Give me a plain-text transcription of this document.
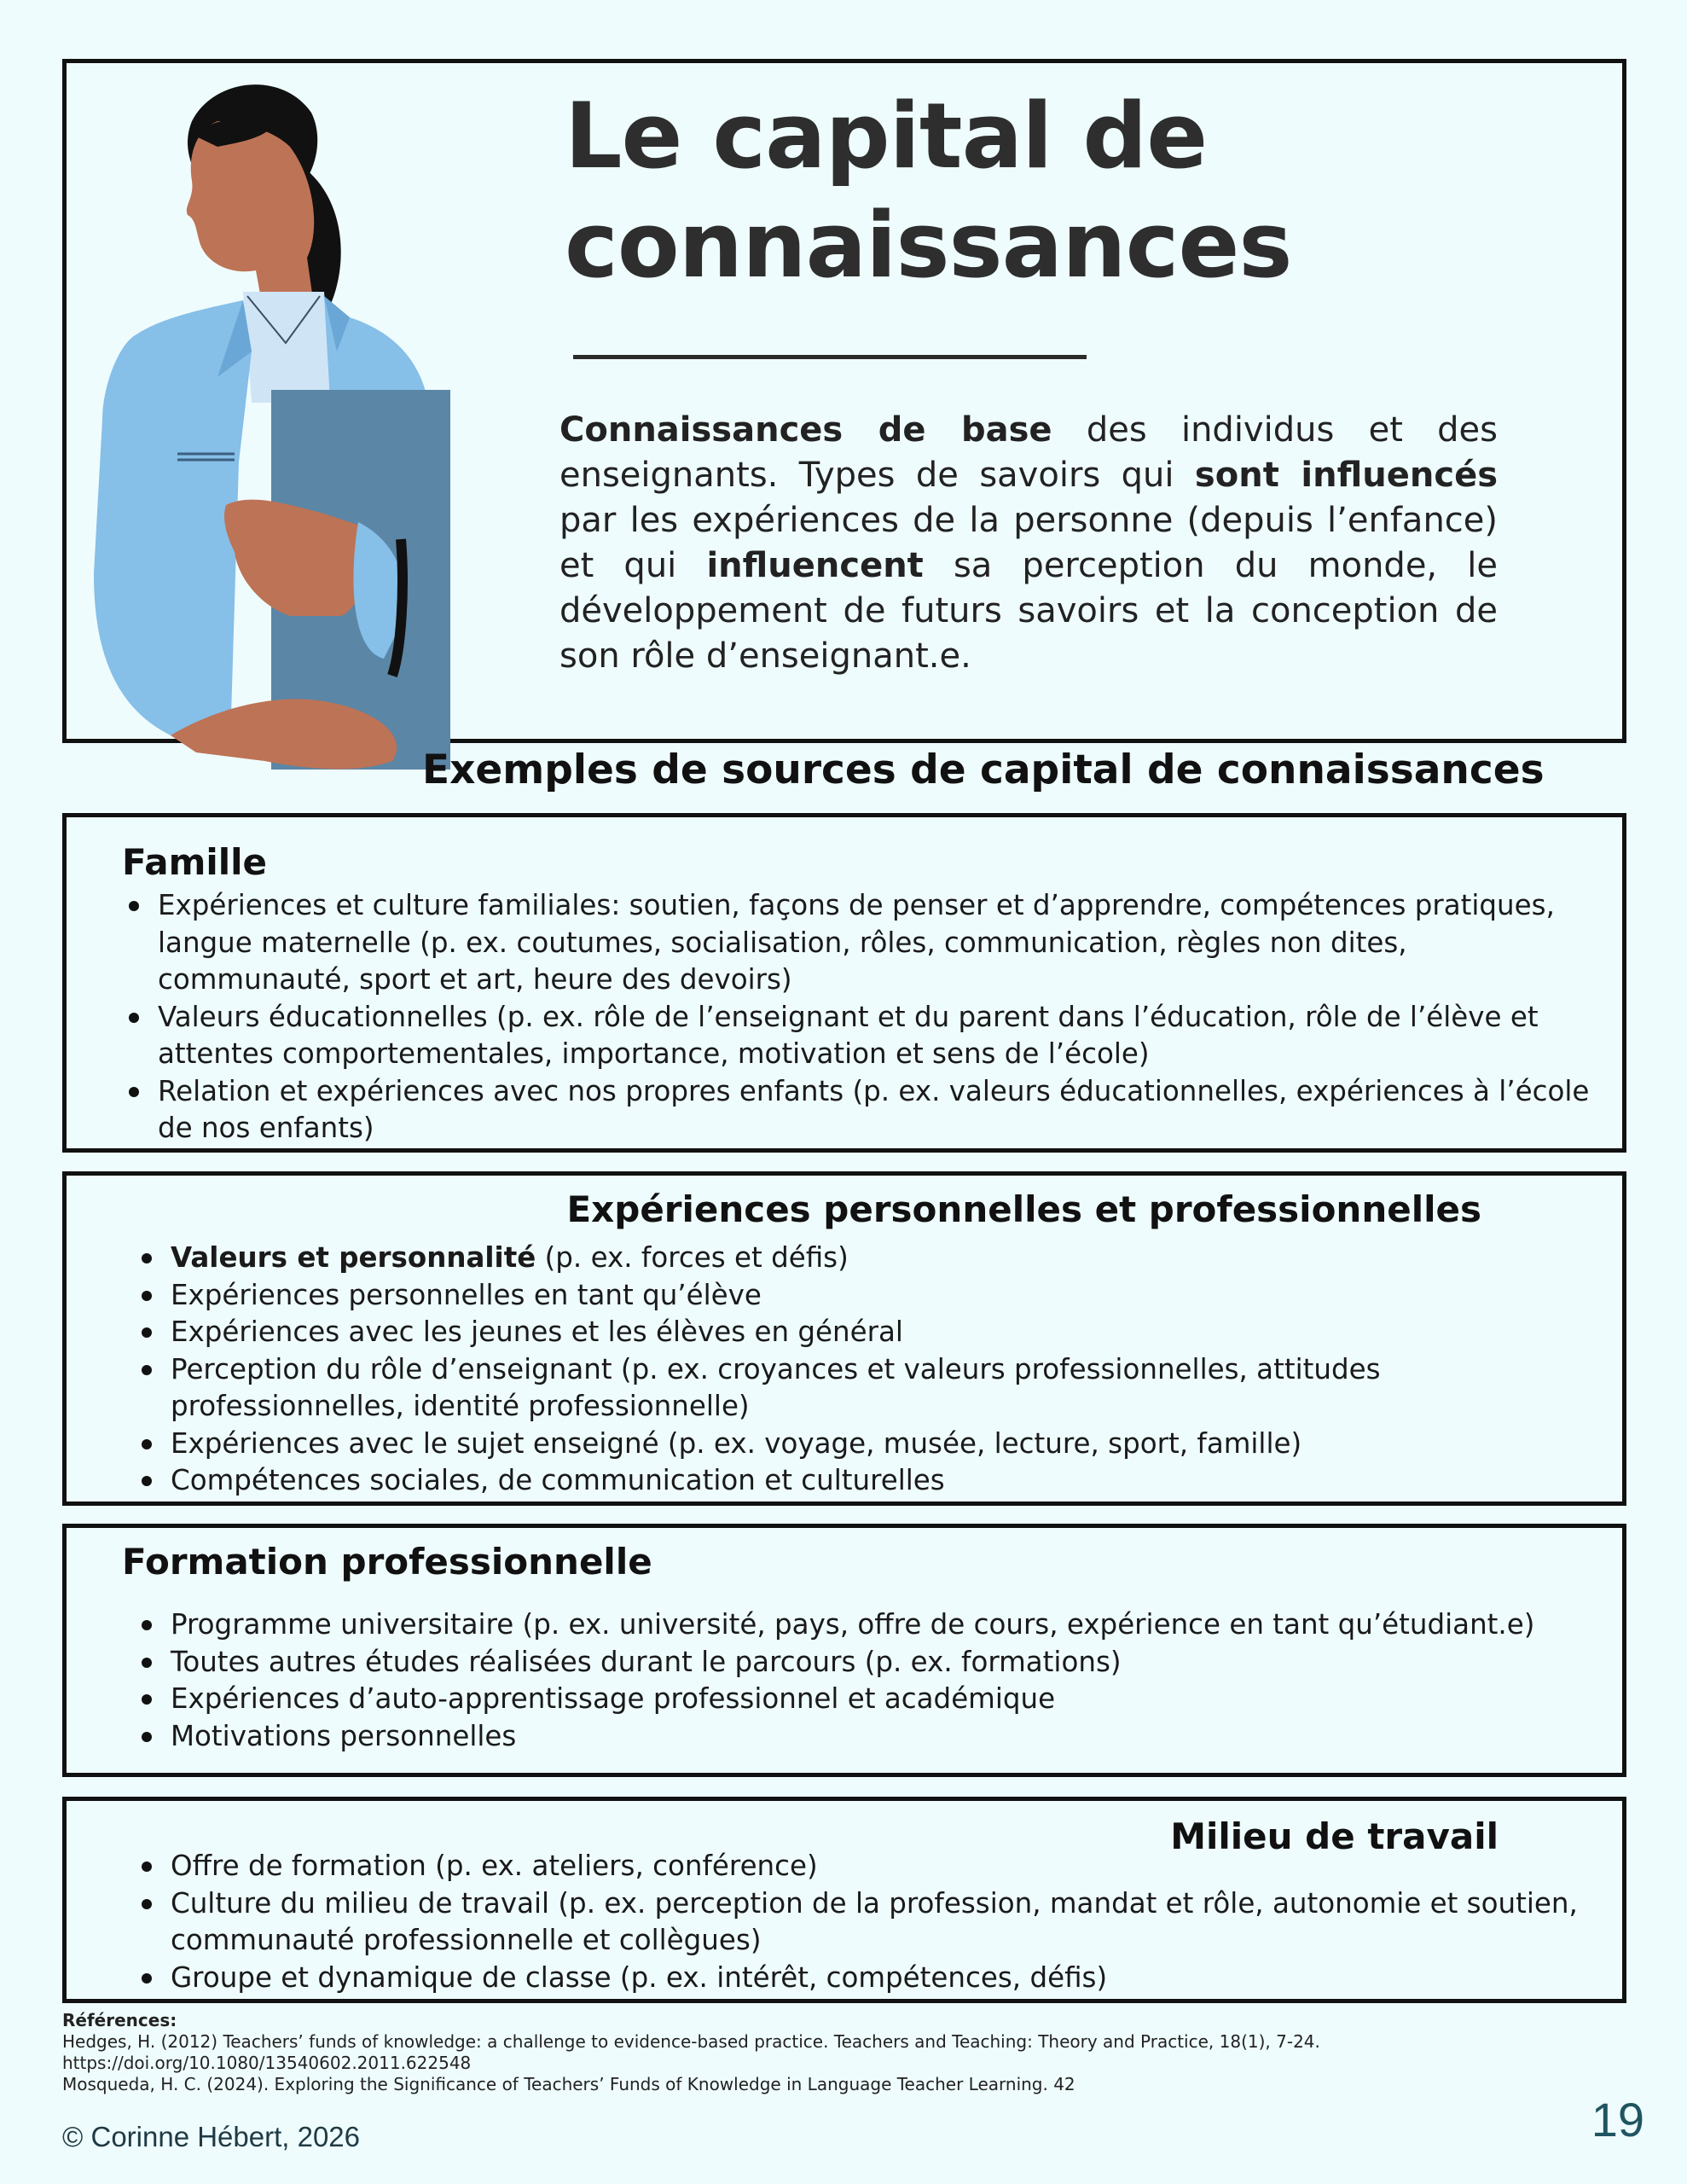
Le capital de
connaissances

Connaissances de base des individus et des enseignants. Types de savoirs qui sont influencés par les expériences de la personne (depuis l’enfance) et qui influencent sa perception du monde, le développement de futurs savoirs et la conception de son rôle d’enseignant.e.

Exemples de sources de capital de connaissances
Famille
Expériences et culture familiales: soutien, façons de penser et d’apprendre, compétences pratiques, langue maternelle (p. ex. coutumes, socialisation, rôles, communication, règles non dites, communauté, sport et art, heure des devoirs)
Valeurs éducationnelles (p. ex. rôle de l’enseignant et du parent dans l’éducation, rôle de l’élève et attentes comportementales, importance, motivation et sens de l’école)
Relation et expériences avec nos propres enfants (p. ex. valeurs éducationnelles, expériences à l’école de nos enfants)
Expériences personnelles et professionnelles
Valeurs et personnalité (p. ex. forces et défis)
Expériences personnelles en tant qu’élève
Expériences avec les jeunes et les élèves en général
Perception du rôle d’enseignant (p. ex. croyances et valeurs professionnelles, attitudes professionnelles, identité professionnelle)
Expériences avec le sujet enseigné (p. ex. voyage, musée, lecture, sport, famille)
Compétences sociales, de communication et culturelles
Formation professionnelle
Programme universitaire (p. ex. université, pays, offre de cours, expérience en tant qu’étudiant.e)
Toutes autres études réalisées durant le parcours (p. ex. formations)
Expériences d’auto-apprentissage professionnel et académique
Motivations personnelles
Milieu de travail
Offre de formation (p. ex. ateliers, conférence)
Culture du milieu de travail (p. ex. perception de la profession, mandat et rôle, autonomie et soutien, communauté professionnelle et collègues)
Groupe et dynamique de classe (p. ex. intérêt, compétences, défis)
Références:
Hedges, H. (2012) Teachers’ funds of knowledge: a challenge to evidence-based practice. Teachers and Teaching: Theory and Practice, 18(1), 7-24.
https://doi.org/10.1080/13540602.2011.622548
Mosqueda, H. C. (2024). Exploring the Significance of Teachers’ Funds of Knowledge in Language Teacher Learning. 42
© Corinne Hébert, 2026	19
